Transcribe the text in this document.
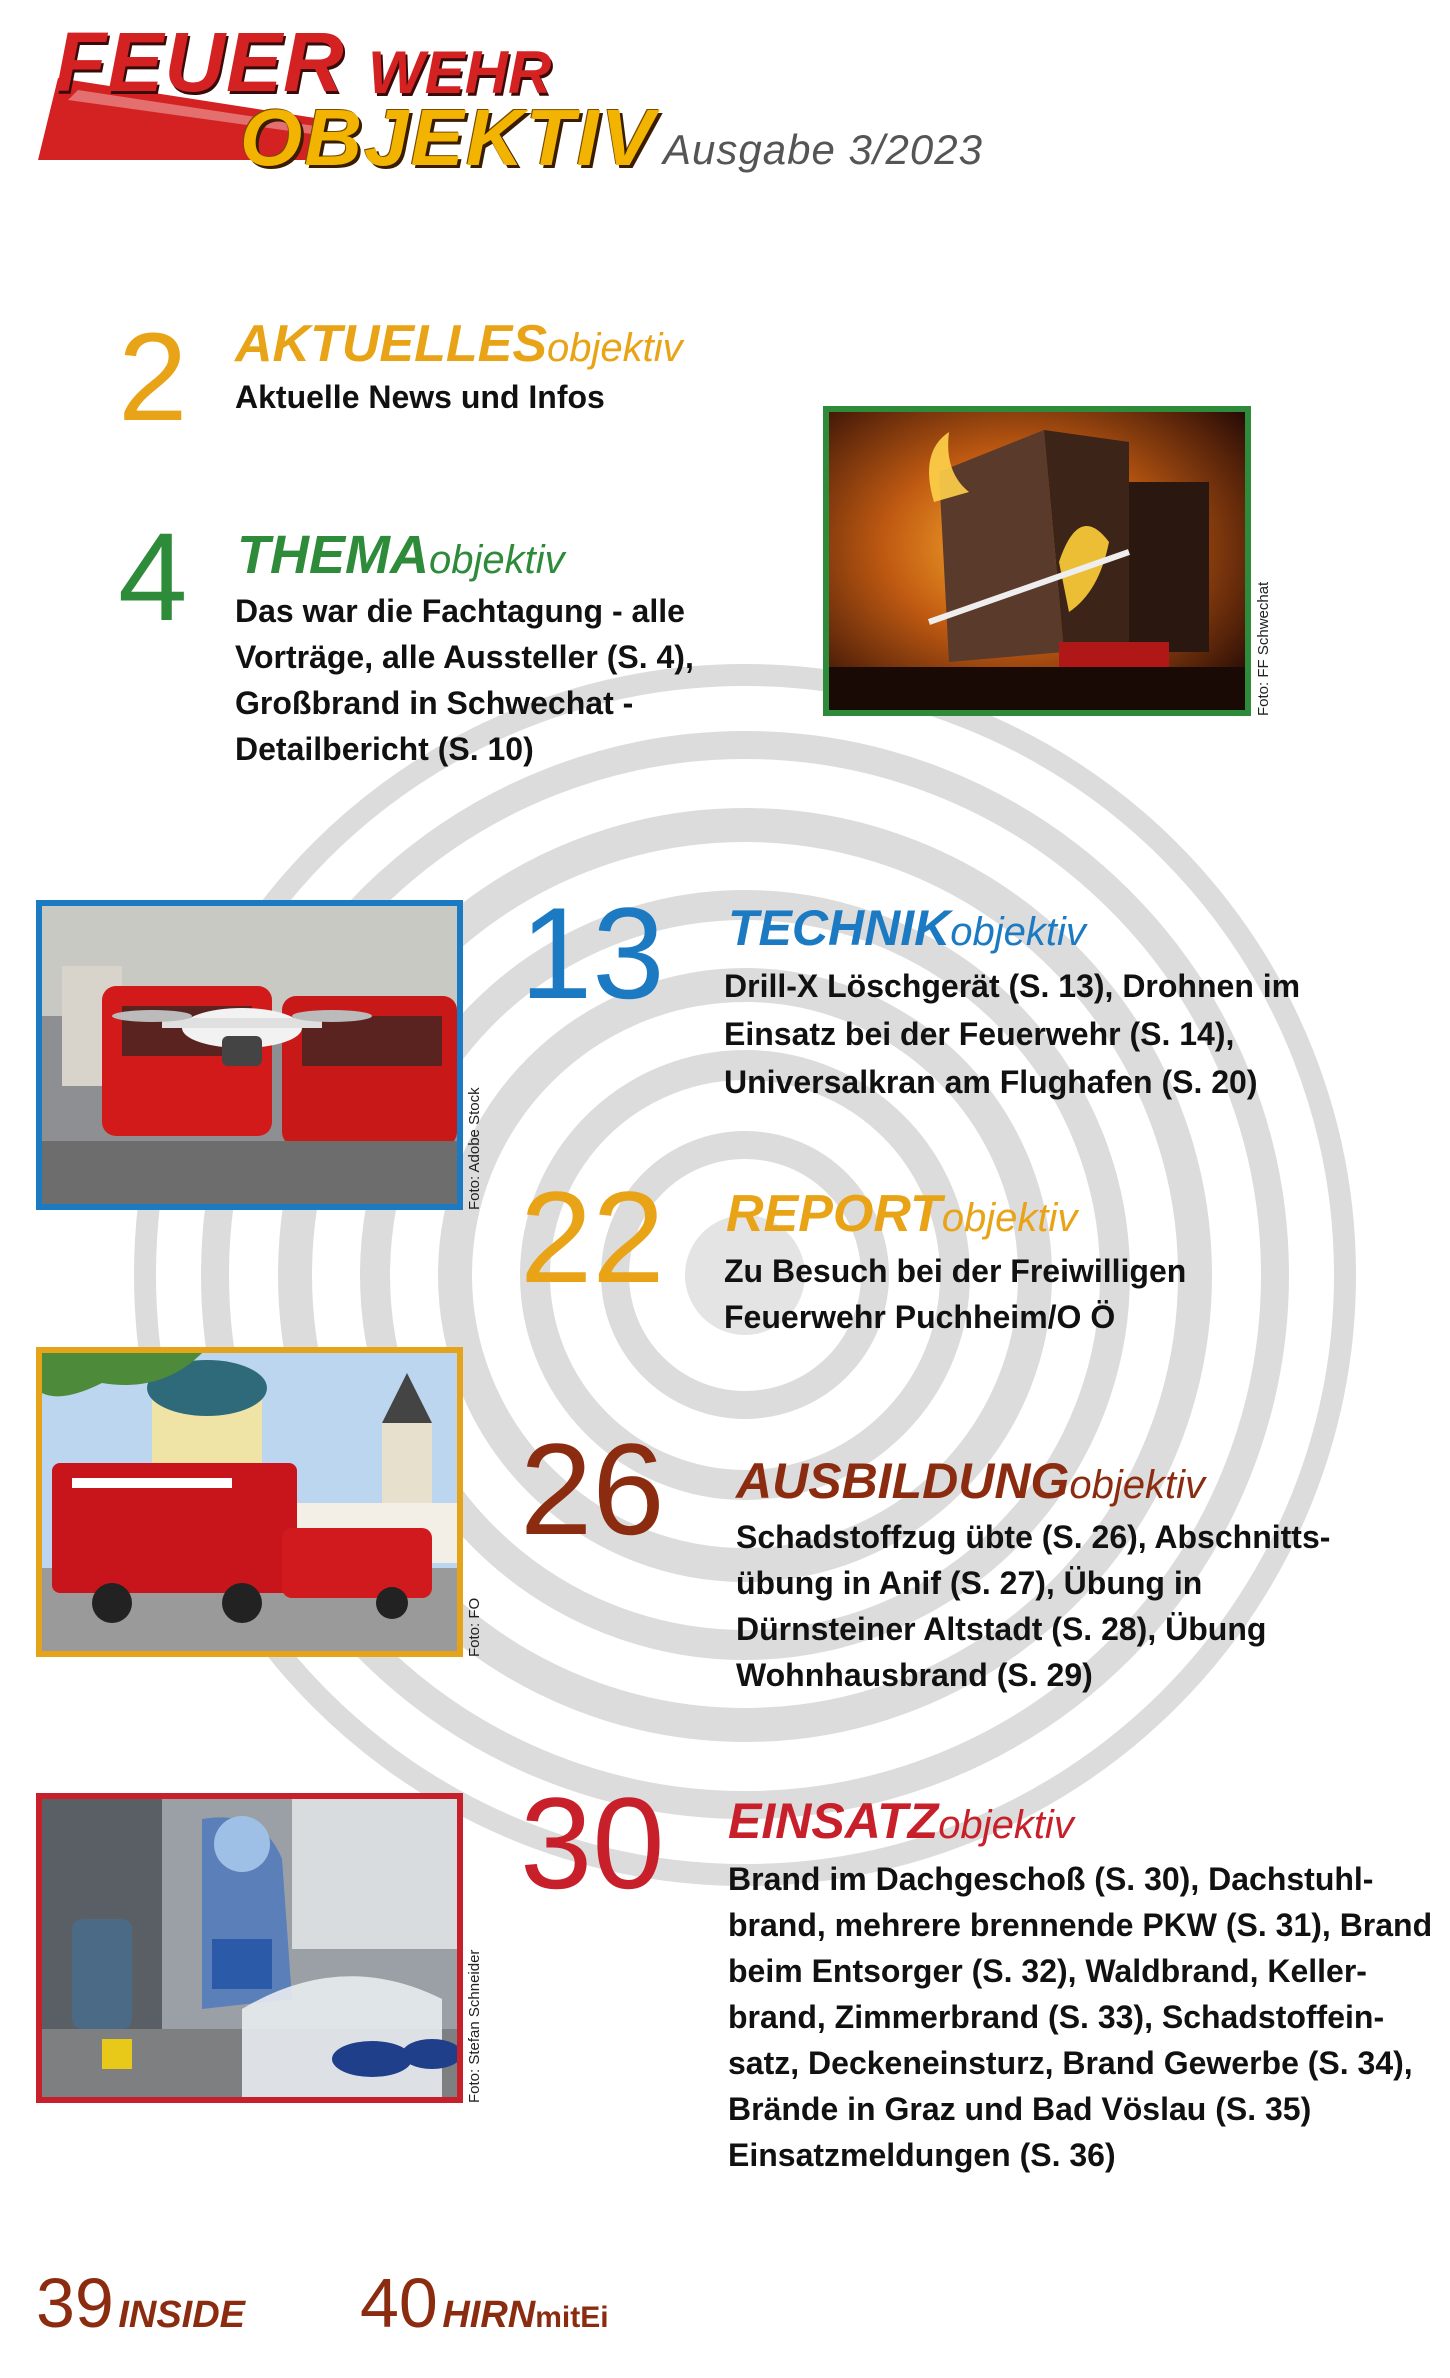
FEUER WEHR
OBJEKTIV Ausgabe 3/2023
2 AKTUELLESobjektiv
Aktuelle News und Infos
4 THEMAobjektiv
Das war die Fachtagung - alle
Vorträge, alle Aussteller (S. 4),
Großbrand in Schwechat -
Detailbericht (S. 10)
Foto: FF Schwechat
Foto: Adobe Stock
13 TECHNIKobjektiv
Drill-X Löschgerät (S. 13), Drohnen im
Einsatz bei der Feuerwehr (S. 14),
Universalkran am Flughafen (S. 20)
22 REPORTobjektiv
Zu Besuch bei der Freiwilligen
Feuerwehr Puchheim/O Ö
Foto: FO
26 AUSBILDUNGobjektiv
Schadstoffzug übte (S. 26), Abschnitts-
übung in Anif (S. 27), Übung in
Dürnsteiner Altstadt (S. 28), Übung
Wohnhausbrand (S. 29)
Foto: Stefan Schneider
30 EINSATZobjektiv
Brand im Dachgeschoß (S. 30), Dachstuhl-
brand, mehrere brennende PKW (S. 31), Brand
beim Entsorger (S. 32), Waldbrand, Keller-
brand, Zimmerbrand (S. 33), Schadstoffein-
satz, Deckeneinsturz, Brand Gewerbe (S. 34),
Brände in Graz und Bad Vöslau (S. 35)
Einsatzmeldungen (S. 36)
39 INSIDE 40 HIRNmitEi
